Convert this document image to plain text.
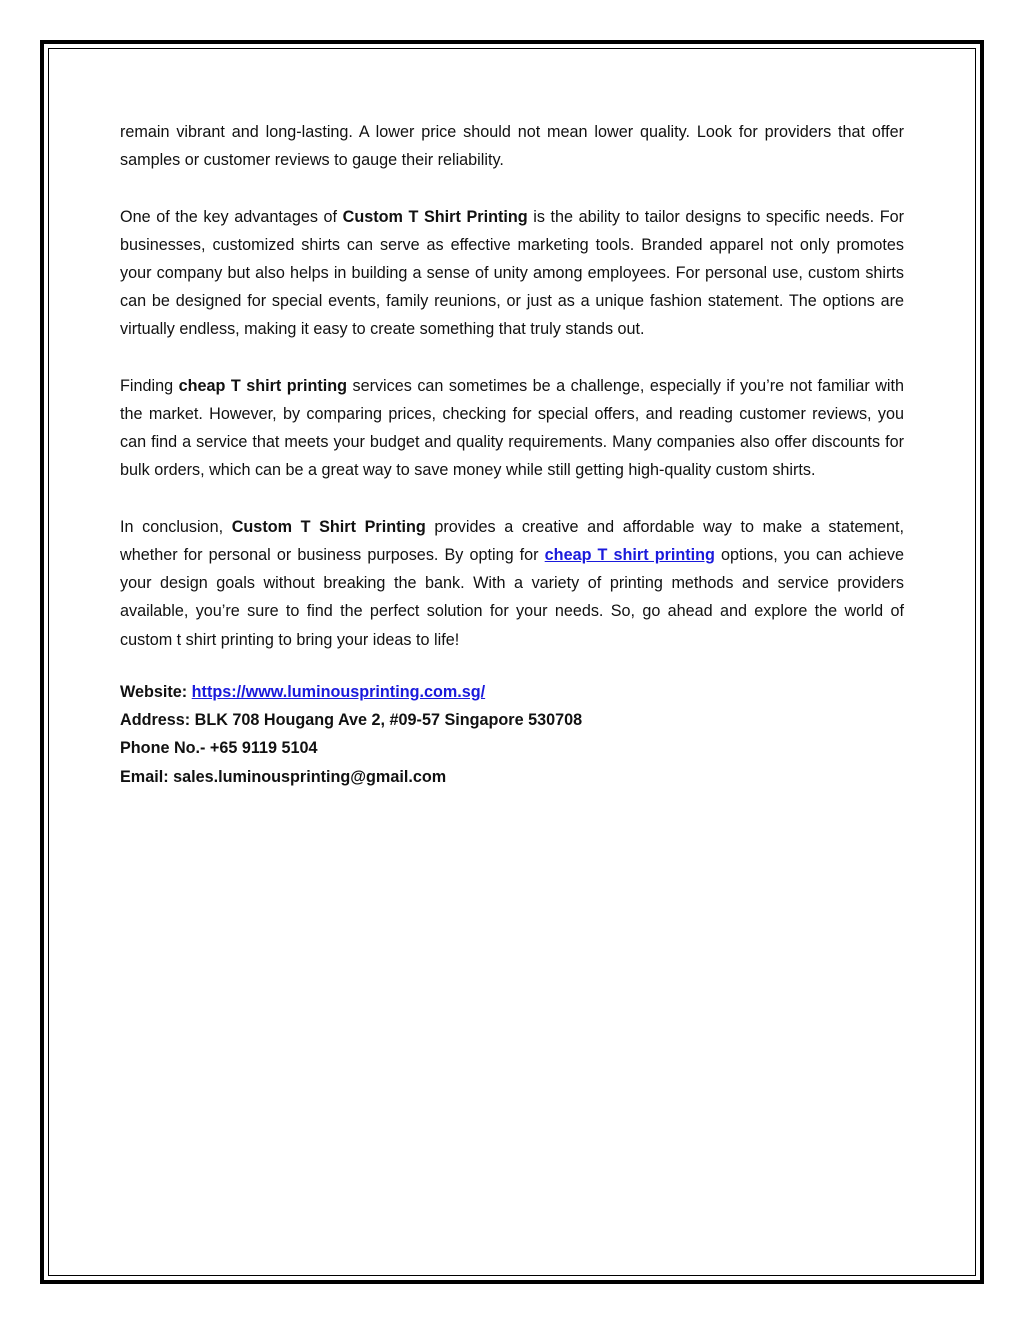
remain vibrant and long-lasting. A lower price should not mean lower quality. Look for providers that offer samples or customer reviews to gauge their reliability.

One of the key advantages of Custom T Shirt Printing is the ability to tailor designs to specific needs. For businesses, customized shirts can serve as effective marketing tools. Branded apparel not only promotes your company but also helps in building a sense of unity among employees. For personal use, custom shirts can be designed for special events, family reunions, or just as a unique fashion statement. The options are virtually endless, making it easy to create something that truly stands out.

Finding cheap T shirt printing services can sometimes be a challenge, especially if you’re not familiar with the market. However, by comparing prices, checking for special offers, and reading customer reviews, you can find a service that meets your budget and quality requirements. Many companies also offer discounts for bulk orders, which can be a great way to save money while still getting high-quality custom shirts.

In conclusion, Custom T Shirt Printing provides a creative and affordable way to make a statement, whether for personal or business purposes. By opting for cheap T shirt printing options, you can achieve your design goals without breaking the bank. With a variety of printing methods and service providers available, you’re sure to find the perfect solution for your needs. So, go ahead and explore the world of custom t shirt printing to bring your ideas to life!

Website: https://www.luminousprinting.com.sg/
Address: BLK 708 Hougang Ave 2, #09-57 Singapore 530708
Phone No.- +65 9119 5104
Email: sales.luminousprinting@gmail.com
